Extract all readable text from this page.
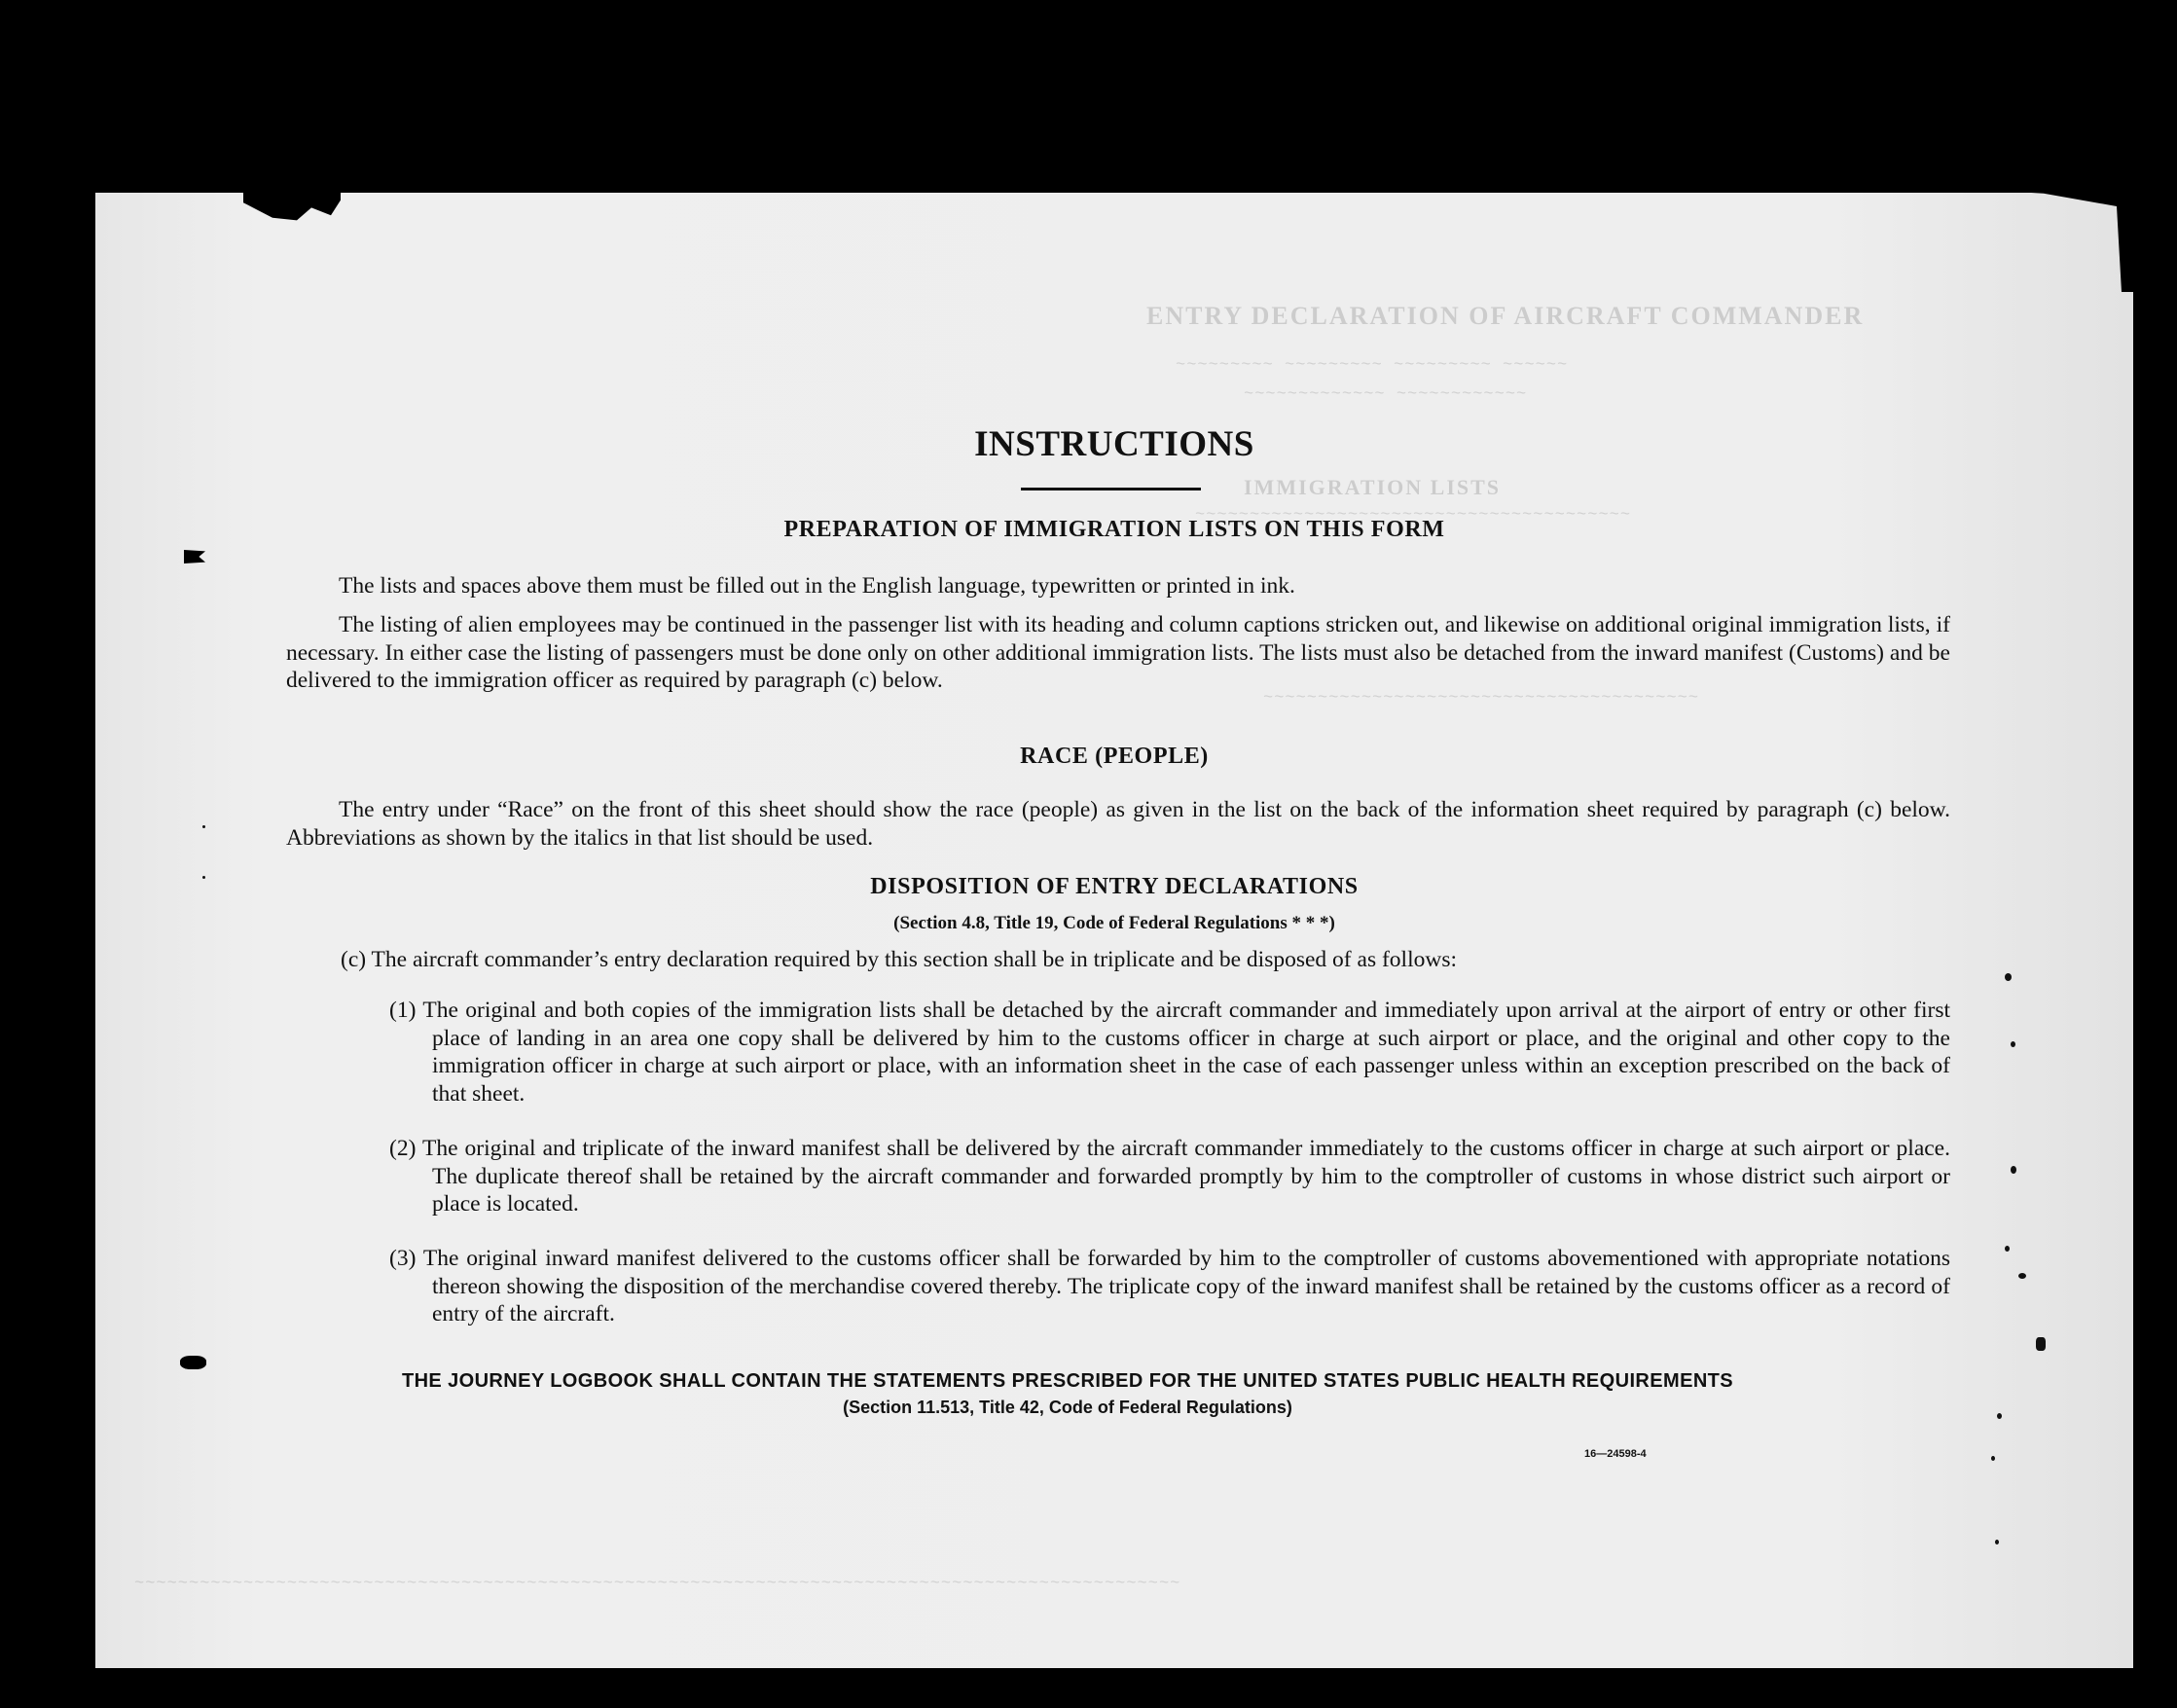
ENTRY DECLARATION OF AIRCRAFT COMMANDER
~~~~~~~~~ ~~~~~~~~~ ~~~~~~~~~ ~~~~~~
~~~~~~~~~~~~~ ~~~~~~~~~~~~
IMMIGRATION LISTS
~~~~~~~~~~~~~~~~~~~~~~~~~~~~~~~~~~~~~~~~
~~~~~~~~~~~~~~~~~~~~~~~~~~~~~~~~~~~~~~~~
~~~~~~~~~~~~~~~~~~~~~~~~~~~~~~~~~~~~~~~~~~~~~~~~~~~~~~~~~~~~~~~~~~~~~~~~~~~~~~~~~~~~~~~~~~~~~~~~
INSTRUCTIONS
PREPARATION OF IMMIGRATION LISTS ON THIS FORM
The lists and spaces above them must be filled out in the English language, typewritten or printed in ink.
The listing of alien employees may be continued in the passenger list with its heading and column captions stricken out, and likewise on additional original immigration lists, if necessary. In either case the listing of passengers must be done only on other additional immigration lists. The lists must also be detached from the inward manifest (Customs) and be delivered to the immigration officer as required by paragraph (c) below.
RACE (PEOPLE)
The entry under “Race” on the front of this sheet should show the race (people) as given in the list on the back of the information sheet required by paragraph (c) below. Abbreviations as shown by the italics in that list should be used.
DISPOSITION OF ENTRY DECLARATIONS
(Section 4.8, Title 19, Code of Federal Regulations * * *)
(c) The aircraft commander’s entry declaration required by this section shall be in triplicate and be disposed of as follows:
(1) The original and both copies of the immigration lists shall be detached by the aircraft commander and immediately upon arrival at the airport of entry or other first place of landing in an area one copy shall be delivered by him to the customs officer in charge at such airport or place, and the original and other copy to the immigration officer in charge at such airport or place, with an information sheet in the case of each passenger unless within an exception prescribed on the back of that sheet.
(2) The original and triplicate of the inward manifest shall be delivered by the aircraft commander immediately to the customs officer in charge at such airport or place. The duplicate thereof shall be retained by the aircraft commander and forwarded promptly by him to the comptroller of customs in whose district such airport or place is located.
(3) The original inward manifest delivered to the customs officer shall be forwarded by him to the comptroller of customs abovementioned with appropriate notations thereon showing the disposition of the merchandise covered thereby. The triplicate copy of the inward manifest shall be retained by the customs officer as a record of entry of the aircraft.
THE JOURNEY LOGBOOK SHALL CONTAIN THE STATEMENTS PRESCRIBED FOR THE UNITED STATES PUBLIC HEALTH REQUIREMENTS
(Section 11.513, Title 42, Code of Federal Regulations)
16—24598-4
